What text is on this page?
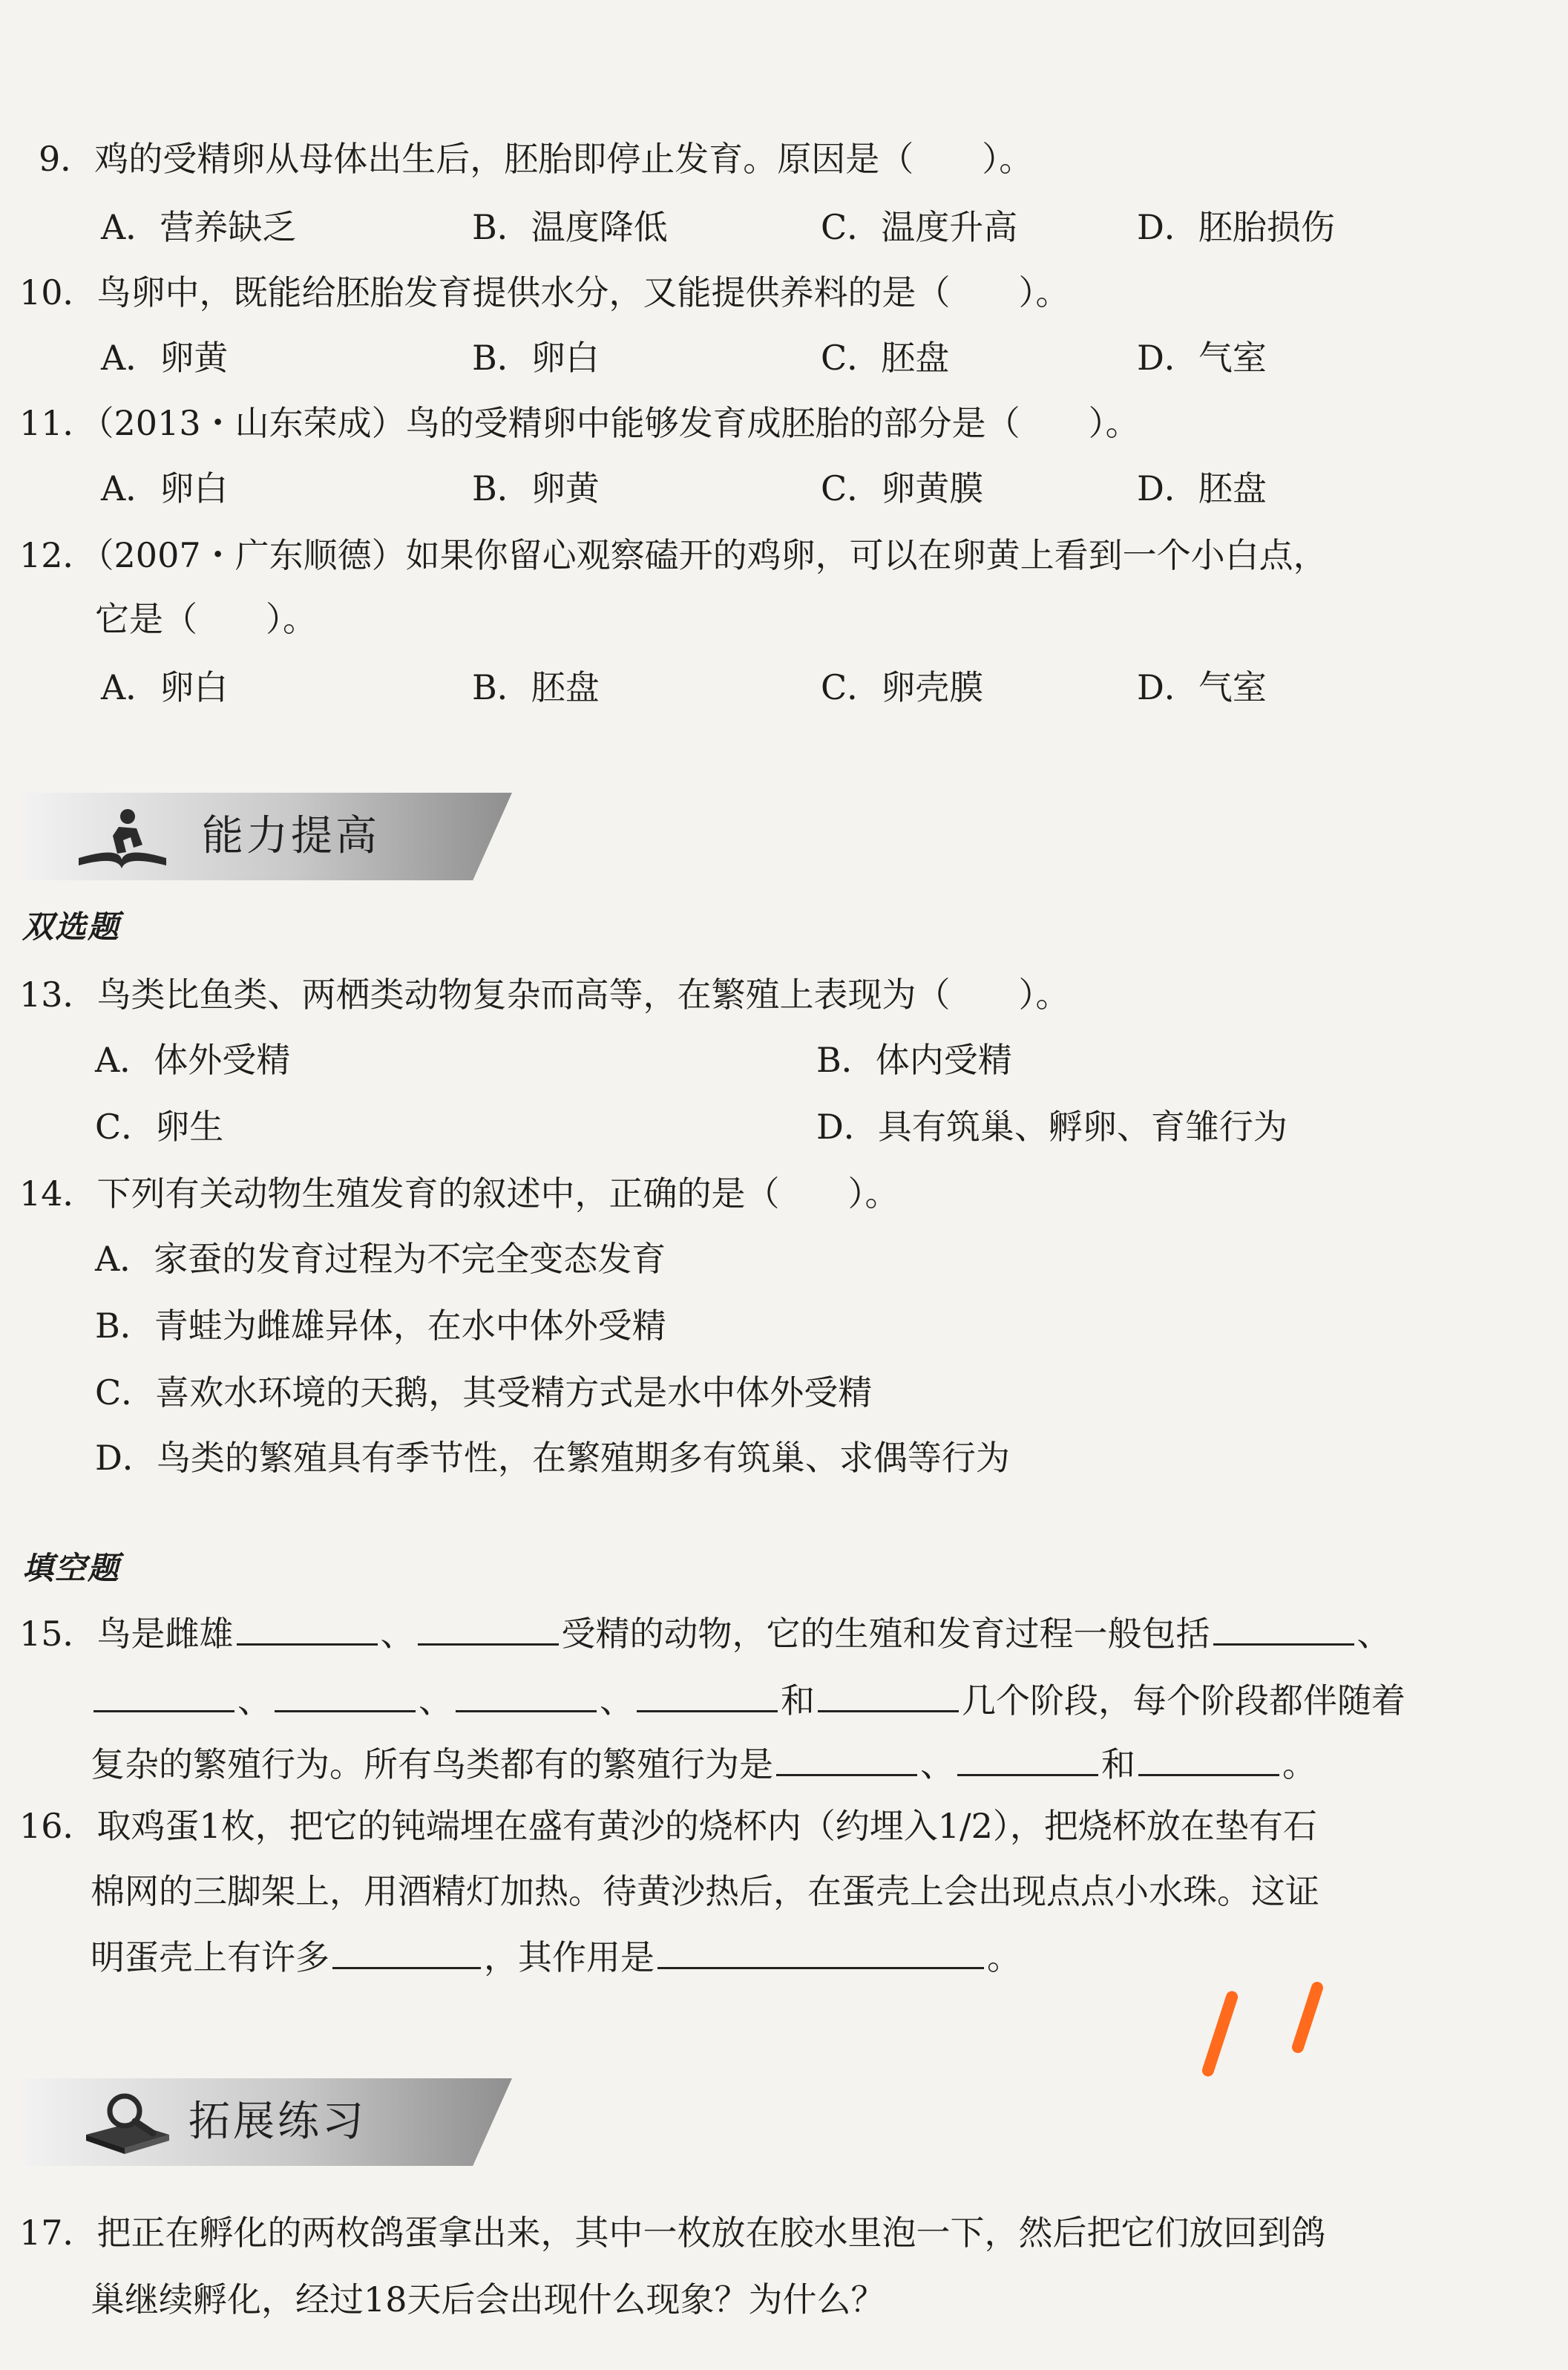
9．鸡的受精卵从母体出生后，胚胎即停止发育。原因是（　　）。
A．营养缺乏	B．温度降低	C．温度升高	D．胚胎损伤
10．鸟卵中，既能给胚胎发育提供水分，又能提供养料的是（　　）。
A．卵黄	B．卵白	C．胚盘	D．气室
11．（2013・山东荣成）鸟的受精卵中能够发育成胚胎的部分是（　　）。
A．卵白	B．卵黄	C．卵黄膜	D．胚盘
12．（2007・广东顺德）如果你留心观察磕开的鸡卵，可以在卵黄上看到一个小白点，
它是（　　）。
A．卵白	B．胚盘	C．卵壳膜	D．气室
能力提高
双选题
13．鸟类比鱼类、两栖类动物复杂而高等，在繁殖上表现为（　　）。
A．体外受精	B．体内受精
C．卵生	D．具有筑巢、孵卵、育雏行为
14．下列有关动物生殖发育的叙述中，正确的是（　　）。
A．家蚕的发育过程为不完全变态发育
B．青蛙为雌雄异体，在水中体外受精
C．喜欢水环境的天鹅，其受精方式是水中体外受精
D．鸟类的繁殖具有季节性，在繁殖期多有筑巢、求偶等行为
填空题
15．鸟是雌雄	、	受精的动物，它的生殖和发育过程一般包括	、
、	、	、	和	几个阶段，每个阶段都伴随着
复杂的繁殖行为。所有鸟类都有的繁殖行为是	、	和	。
16．取鸡蛋1枚，把它的钝端埋在盛有黄沙的烧杯内（约埋入1/2），把烧杯放在垫有石
棉网的三脚架上，用酒精灯加热。待黄沙热后，在蛋壳上会出现点点小水珠。这证
明蛋壳上有许多	，其作用是	。
拓展练习
17．把正在孵化的两枚鸽蛋拿出来，其中一枚放在胶水里泡一下，然后把它们放回到鸽
巢继续孵化，经过18天后会出现什么现象？为什么？
